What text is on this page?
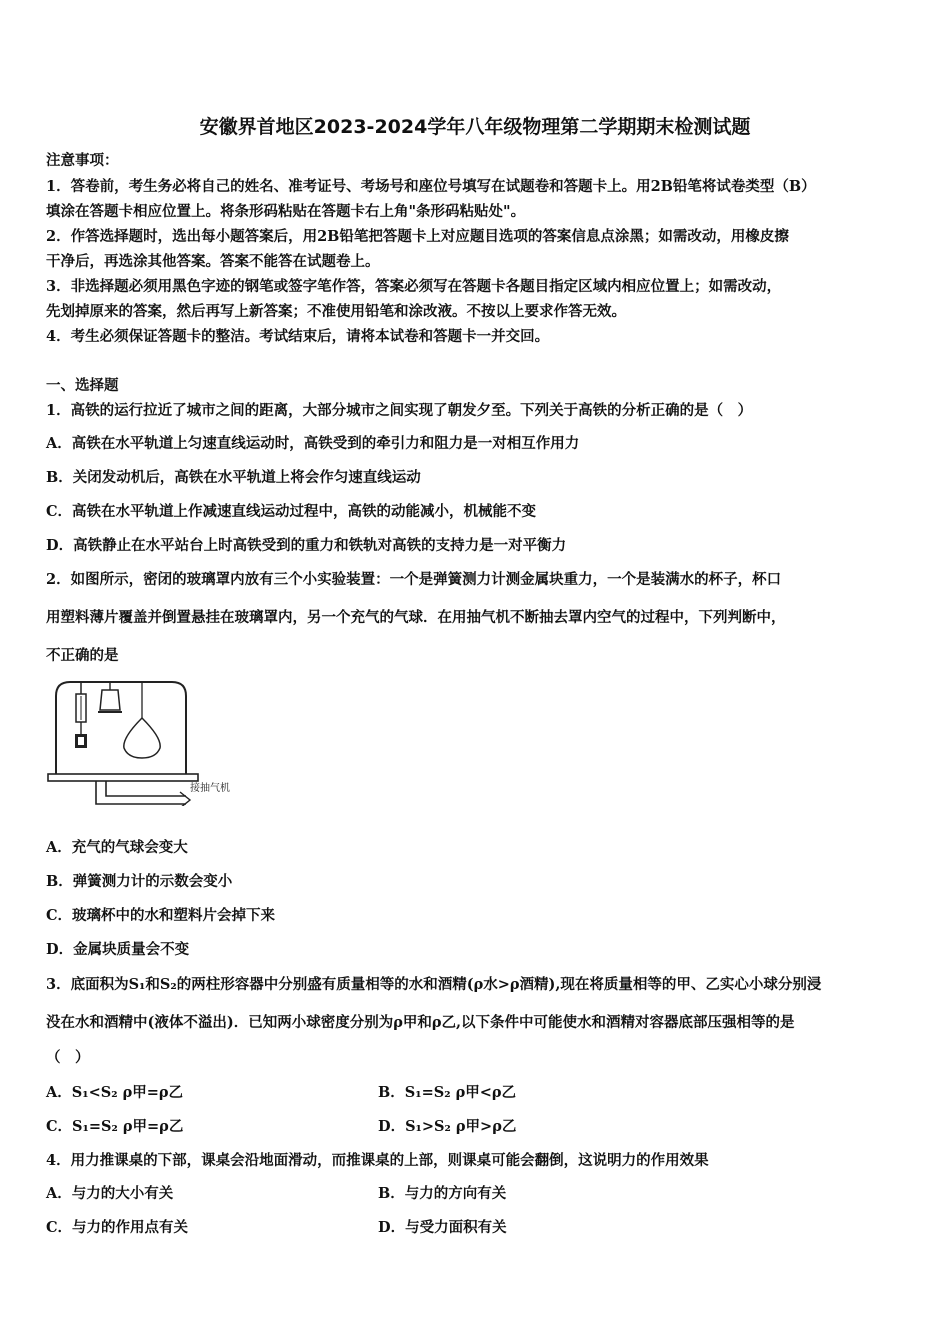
安徽界首地区2023-2024学年八年级物理第二学期期末检测试题
注意事项：
1．答卷前，考生务必将自己的姓名、准考证号、考场号和座位号填写在试题卷和答题卡上。用2B铅笔将试卷类型（B）
填涂在答题卡相应位置上。将条形码粘贴在答题卡右上角"条形码粘贴处"。
2．作答选择题时，选出每小题答案后，用2B铅笔把答题卡上对应题目选项的答案信息点涂黑；如需改动，用橡皮擦
干净后，再选涂其他答案。答案不能答在试题卷上。
3．非选择题必须用黑色字迹的钢笔或签字笔作答，答案必须写在答题卡各题目指定区域内相应位置上；如需改动，
先划掉原来的答案，然后再写上新答案；不准使用铅笔和涂改液。不按以上要求作答无效。
4．考生必须保证答题卡的整洁。考试结束后，请将本试卷和答题卡一并交回。
一、选择题
1．高铁的运行拉近了城市之间的距离，大部分城市之间实现了朝发夕至。下列关于高铁的分析正确的是（　）
A．高铁在水平轨道上匀速直线运动时，高铁受到的牵引力和阻力是一对相互作用力
B．关闭发动机后，高铁在水平轨道上将会作匀速直线运动
C．高铁在水平轨道上作减速直线运动过程中，高铁的动能减小，机械能不变
D．高铁静止在水平站台上时高铁受到的重力和铁轨对高铁的支持力是一对平衡力
2．如图所示，密闭的玻璃罩内放有三个小实验装置：一个是弹簧测力计测金属块重力，一个是装满水的杯子，杯口
用塑料薄片覆盖并倒置悬挂在玻璃罩内，另一个充气的气球．在用抽气机不断抽去罩内空气的过程中，下列判断中，
不正确的是
接抽气机
A．充气的气球会变大
B．弹簧测力计的示数会变小
C．玻璃杯中的水和塑料片会掉下来
D．金属块质量会不变
3．底面积为S₁和S₂的两柱形容器中分别盛有质量相等的水和酒精(ρ水>ρ酒精),现在将质量相等的甲、乙实心小球分别浸
没在水和酒精中(液体不溢出)．已知两小球密度分别为ρ甲和ρ乙,以下条件中可能使水和酒精对容器底部压强相等的是
（　）
A．S₁<S₂ ρ甲=ρ乙	B．S₁=S₂ ρ甲<ρ乙
C．S₁=S₂ ρ甲=ρ乙	D．S₁>S₂ ρ甲>ρ乙
4．用力推课桌的下部，课桌会沿地面滑动，而推课桌的上部，则课桌可能会翻倒，这说明力的作用效果
A．与力的大小有关	B．与力的方向有关
C．与力的作用点有关	D．与受力面积有关
